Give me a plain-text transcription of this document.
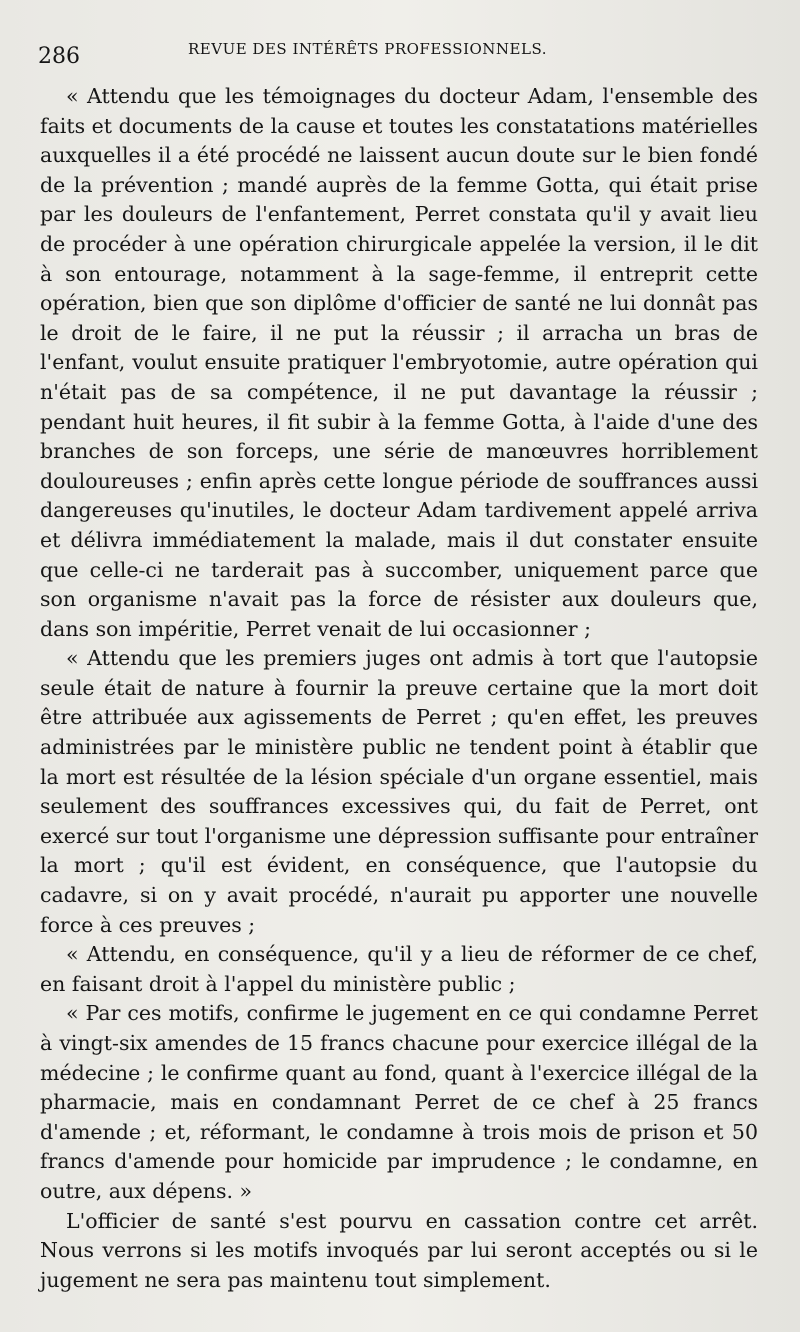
286	REVUE DES INTÉRÊTS PROFESSIONNELS.

« Attendu que les témoignages du docteur Adam, l'ensemble des faits et documents de la cause et toutes les constatations matérielles auxquelles il a été procédé ne laissent aucun doute sur le bien fondé de la prévention ; mandé auprès de la femme Gotta, qui était prise par les douleurs de l'enfantement, Perret constata qu'il y avait lieu de procéder à une opération chirurgicale appelée la version, il le dit à son entourage, notamment à la sage-femme, il entreprit cette opération, bien que son diplôme d'officier de santé ne lui donnât pas le droit de le faire, il ne put la réussir ; il arracha un bras de l'enfant, voulut ensuite pratiquer l'embryotomie, autre opération qui n'était pas de sa compétence, il ne put davantage la réussir ; pendant huit heures, il fit subir à la femme Gotta, à l'aide d'une des branches de son forceps, une série de manœuvres horriblement douloureuses ; enfin après cette longue période de souffrances aussi dangereuses qu'inutiles, le docteur Adam tardivement appelé arriva et délivra immédiatement la malade, mais il dut constater ensuite que celle-ci ne tarderait pas à succomber, uniquement parce que son organisme n'avait pas la force de résister aux douleurs que, dans son impéritie, Perret venait de lui occasionner ;

« Attendu que les premiers juges ont admis à tort que l'autopsie seule était de nature à fournir la preuve certaine que la mort doit être attribuée aux agissements de Perret ; qu'en effet, les preuves administrées par le ministère public ne tendent point à établir que la mort est résultée de la lésion spéciale d'un organe essentiel, mais seulement des souffrances excessives qui, du fait de Perret, ont exercé sur tout l'organisme une dépression suffisante pour entraîner la mort ; qu'il est évident, en conséquence, que l'autopsie du cadavre, si on y avait procédé, n'aurait pu apporter une nouvelle force à ces preuves ;

« Attendu, en conséquence, qu'il y a lieu de réformer de ce chef, en faisant droit à l'appel du ministère public ;

« Par ces motifs, confirme le jugement en ce qui condamne Perret à vingt-six amendes de 15 francs chacune pour exercice illégal de la médecine ; le confirme quant au fond, quant à l'exercice illégal de la pharmacie, mais en condamnant Perret de ce chef à 25 francs d'amende ; et, réformant, le condamne à trois mois de prison et 50 francs d'amende pour homicide par imprudence ; le condamne, en outre, aux dépens. »

L'officier de santé s'est pourvu en cassation contre cet arrêt. Nous verrons si les motifs invoqués par lui seront acceptés ou si le jugement ne sera pas maintenu tout simplement.
